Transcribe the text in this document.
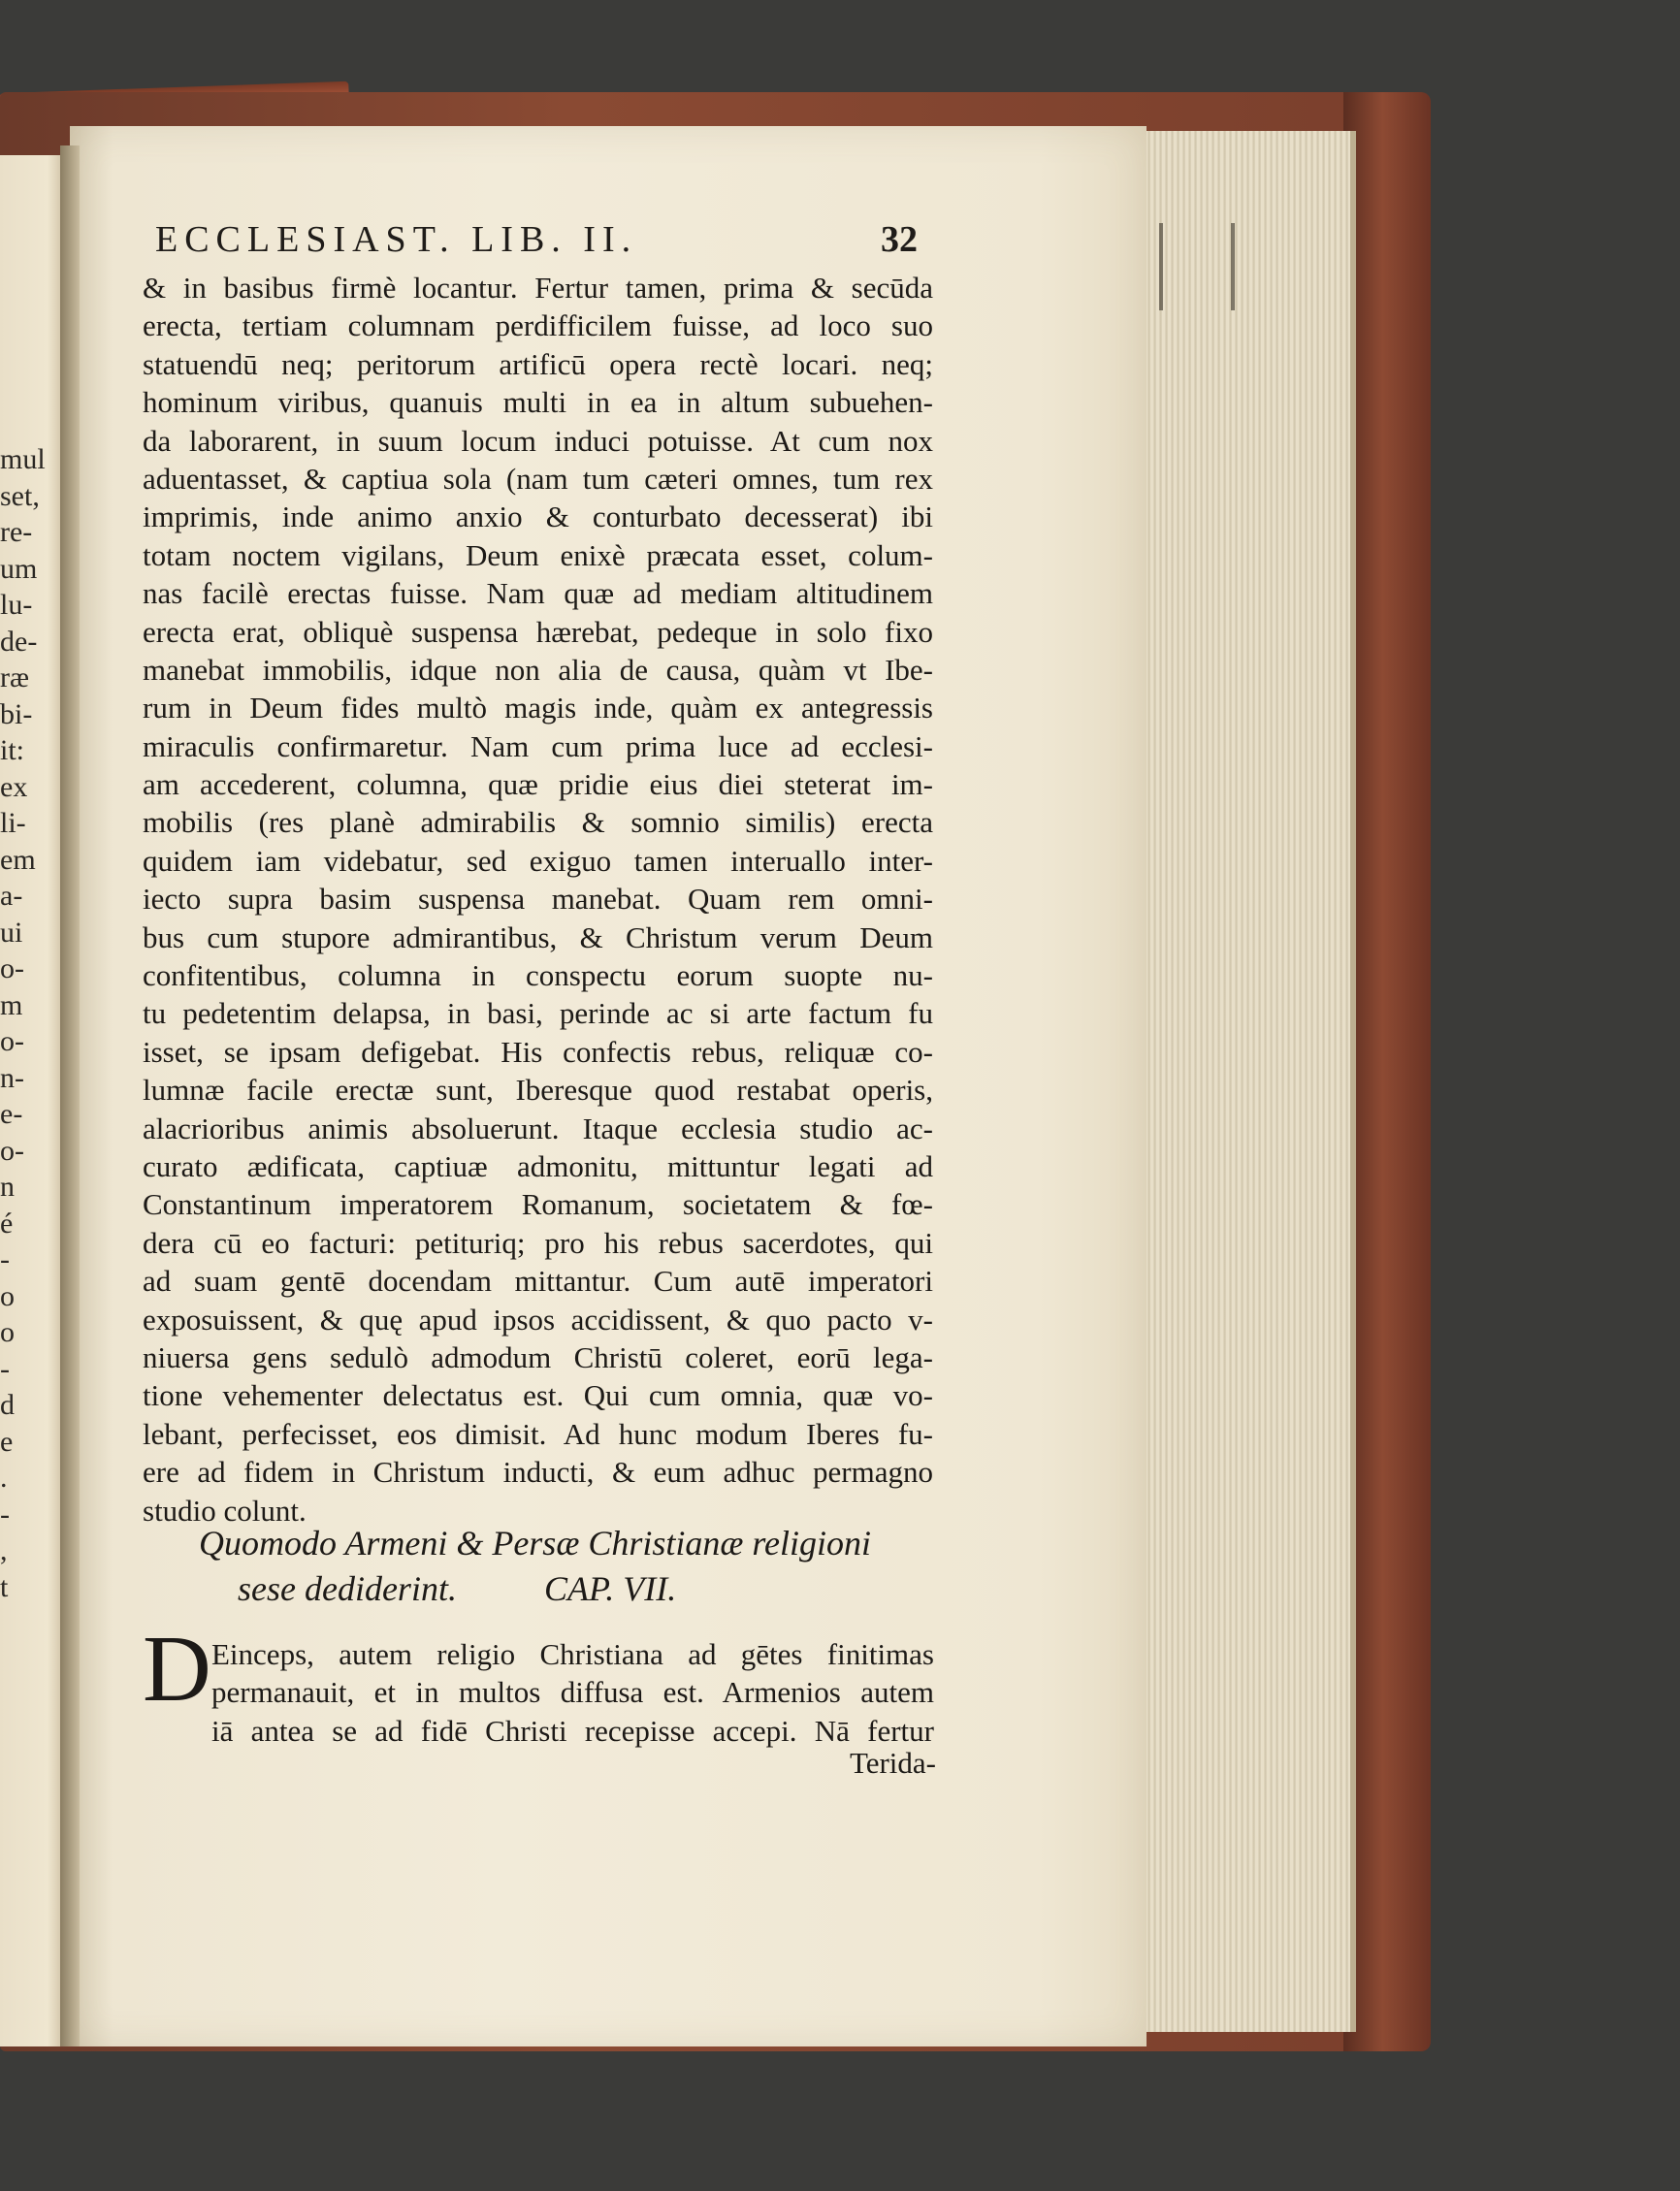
mul
set,
re-
um
lu-
de-
ræ
bi-
it:
ex
li-
em
a-
ui
o-
m
o-
n-
e-
o-
n
é
-
o
o
-
d
e
.
-
,
t
ECCLESIAST. LIB. II.	32
& in basibus firmè locantur. Fertur tamen, prima & secūda
erecta, tertiam columnam perdifficilem fuisse, ad loco suo
statuendū neq; peritorum artificū opera rectè locari. neq;
hominum viribus, quanuis multi in ea in altum subuehen-
da laborarent, in suum locum induci potuisse. At cum nox
aduentasset, & captiua sola (nam tum cæteri omnes, tum rex
imprimis, inde animo anxio & conturbato decesserat) ibi
totam noctem vigilans, Deum enixè præcata esset, colum-
nas facilè erectas fuisse. Nam quæ ad mediam altitudinem
erecta erat, obliquè suspensa hærebat, pedeque in solo fixo
manebat immobilis, idque non alia de causa, quàm vt Ibe-
rum in Deum fides multò magis inde, quàm ex antegressis
miraculis confirmaretur. Nam cum prima luce ad ecclesi-
am accederent, columna, quæ pridie eius diei steterat im-
mobilis (res planè admirabilis & somnio similis) erecta
quidem iam videbatur, sed exiguo tamen interuallo inter-
iecto supra basim suspensa manebat. Quam rem omni-
bus cum stupore admirantibus, & Christum verum Deum
confitentibus, columna in conspectu eorum suopte nu-
tu pedetentim delapsa, in basi, perinde ac si arte factum fu
isset, se ipsam defigebat. His confectis rebus, reliquæ co-
lumnæ facile erectæ sunt, Iberesque quod restabat operis,
alacrioribus animis absoluerunt. Itaque ecclesia studio ac-
curato ædificata, captiuæ admonitu, mittuntur legati ad
Constantinum imperatorem Romanum, societatem & fœ-
dera cū eo facturi: petituriq; pro his rebus sacerdotes, qui
ad suam gentē docendam mittantur. Cum autē imperatori
exposuissent, & quę apud ipsos accidissent, & quo pacto v-
niuersa gens sedulò admodum Christū coleret, eorū lega-
tione vehementer delectatus est. Qui cum omnia, quæ vo-
lebant, perfecisset, eos dimisit. Ad hunc modum Iberes fu-
ere ad fidem in Christum inducti, & eum adhuc permagno
studio colunt.
Quomodo Armeni & Persæ Christianæ religioni
sese dediderint.	CAP. VII.
D Einceps, autem religio Christiana ad gētes finitimas
permanauit, et in multos diffusa est. Armenios autem
iā antea se ad fidē Christi recepisse accepi. Nā fertur
Terida-
